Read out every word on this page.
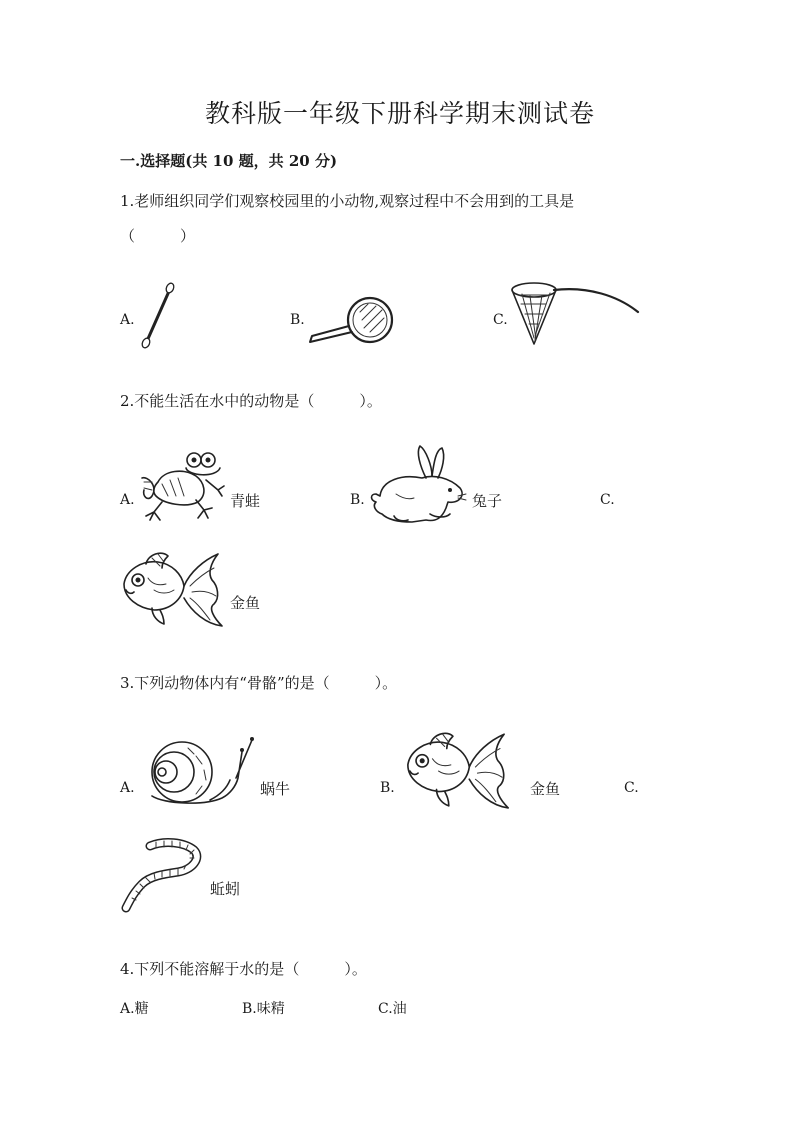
教科版一年级下册科学期末测试卷
一.选择题(共 10 题，共 20 分)
1.老师组织同学们观察校园里的小动物,观察过程中不会用到的工具是
（　　　）
A.	B.	C.
2.不能生活在水中的动物是（　　　）。
A.	青蛙	B.	兔子	C.
金鱼
3.下列动物体内有“骨骼”的是（　　　）。
A.	蜗牛	B.	金鱼	C.
蚯蚓
4.下列不能溶解于水的是（　　　）。
A.糖	B.味精	C.油
